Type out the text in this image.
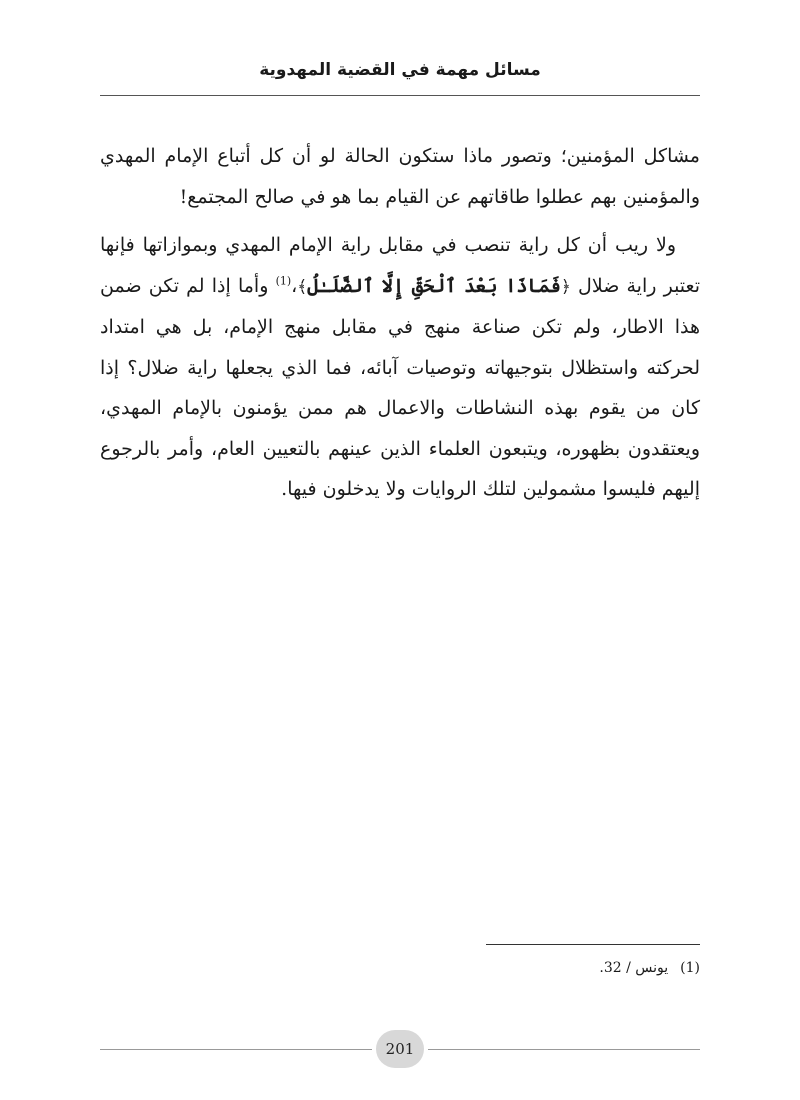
مسائل مهمة في القضية المهدوية

مشاكل المؤمنين؛ وتصور ماذا ستكون الحالة لو أن كل أتباع الإمام المهدي والمؤمنين بهم عطلوا طاقاتهم عن القيام بما هو في صالح المجتمع!

ولا ريب أن كل راية تنصب في مقابل راية الإمام المهدي وبموازاتها فإنها تعتبر راية ضلال ﴿فَمَاذَا بَعْدَ ٱلْحَقِّ إِلَّا ٱلضَّلَـٰلُ﴾،$^{(1)}$ وأما إذا لم تكن ضمن هذا الاطار، ولم تكن صناعة منهج في مقابل منهج الإمام، بل هي امتداد لحركته واستظلال بتوجيهاته وتوصيات آبائه، فما الذي يجعلها راية ضلال؟ إذا كان من يقوم بهذه النشاطات والاعمال هم ممن يؤمنون بالإمام المهدي، ويعتقدون بظهوره، ويتبعون العلماء الذين عينهم بالتعيين العام، وأمر بالرجوع إليهم فليسوا مشمولين لتلك الروايات ولا يدخلون فيها.

(1)يونس / 32.
201
